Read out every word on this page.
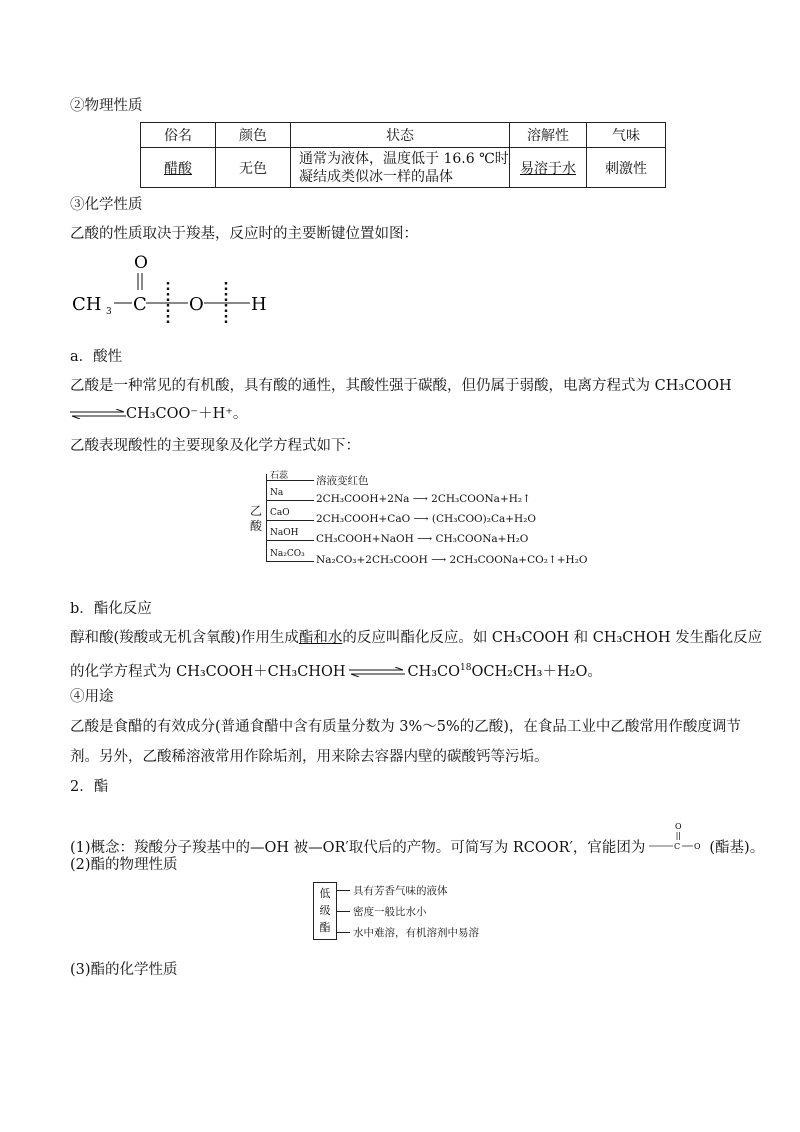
②物理性质
俗名	颜色	状态	溶解性	气味
醋酸	无色	通常为液体，温度低于 16.6 ℃时
凝结成类似冰一样的晶体	易溶于水	刺激性
③化学性质
乙酸的性质取决于羧基，反应时的主要断键位置如图：
O
CH 3 C O	H
a．酸性
乙酸是一种常见的有机酸，具有酸的通性，其酸性强于碳酸，但仍属于弱酸，电离方程式为 CH₃COOH
⇌CH₃COO⁻＋H⁺。
乙酸表现酸性的主要现象及化学方程式如下：
乙酸
石蕊	溶液变红色
Na	2CH₃COOH+2Na ⟶ 2CH₃COONa+H₂↑
CaO	2CH₃COOH+CaO ⟶ (CH₃COO)₂Ca+H₂O
NaOH CH₃COOH+NaOH ⟶ CH₃COONa+H₂O
Na₂CO₃ Na₂CO₃+2CH₃COOH ⟶ 2CH₃COONa+CO₂↑+H₂O
b．酯化反应
醇和酸(羧酸或无机含氧酸)作用生成酯和水的反应叫酯化反应。如 CH₃COOH 和 CH₃CHOH 发生酯化反应
的化学方程式为 CH₃COOH＋CH₃CHOH	$CH_3CO^{18}OCH_2CH_3+H_2O$。
④用途
乙酸是食醋的有效成分(普通食醋中含有质量分数为 3%～5%的乙酸)，在食品工业中乙酸常用作酸度调节
剂。另外，乙酸稀溶液常用作除垢剂，用来除去容器内壁的碳酸钙等污垢。
2．酯
(1)概念：羧酸分子羧基中的—OH 被—OR′取代后的产物。可简写为 RCOOR′，官能团为
O
C O (酯基)。
(2)酯的物理性质
低
级
酯
具有芳香气味的液体
密度一般比水小
水中难溶，有机溶剂中易溶
(3)酯的化学性质
